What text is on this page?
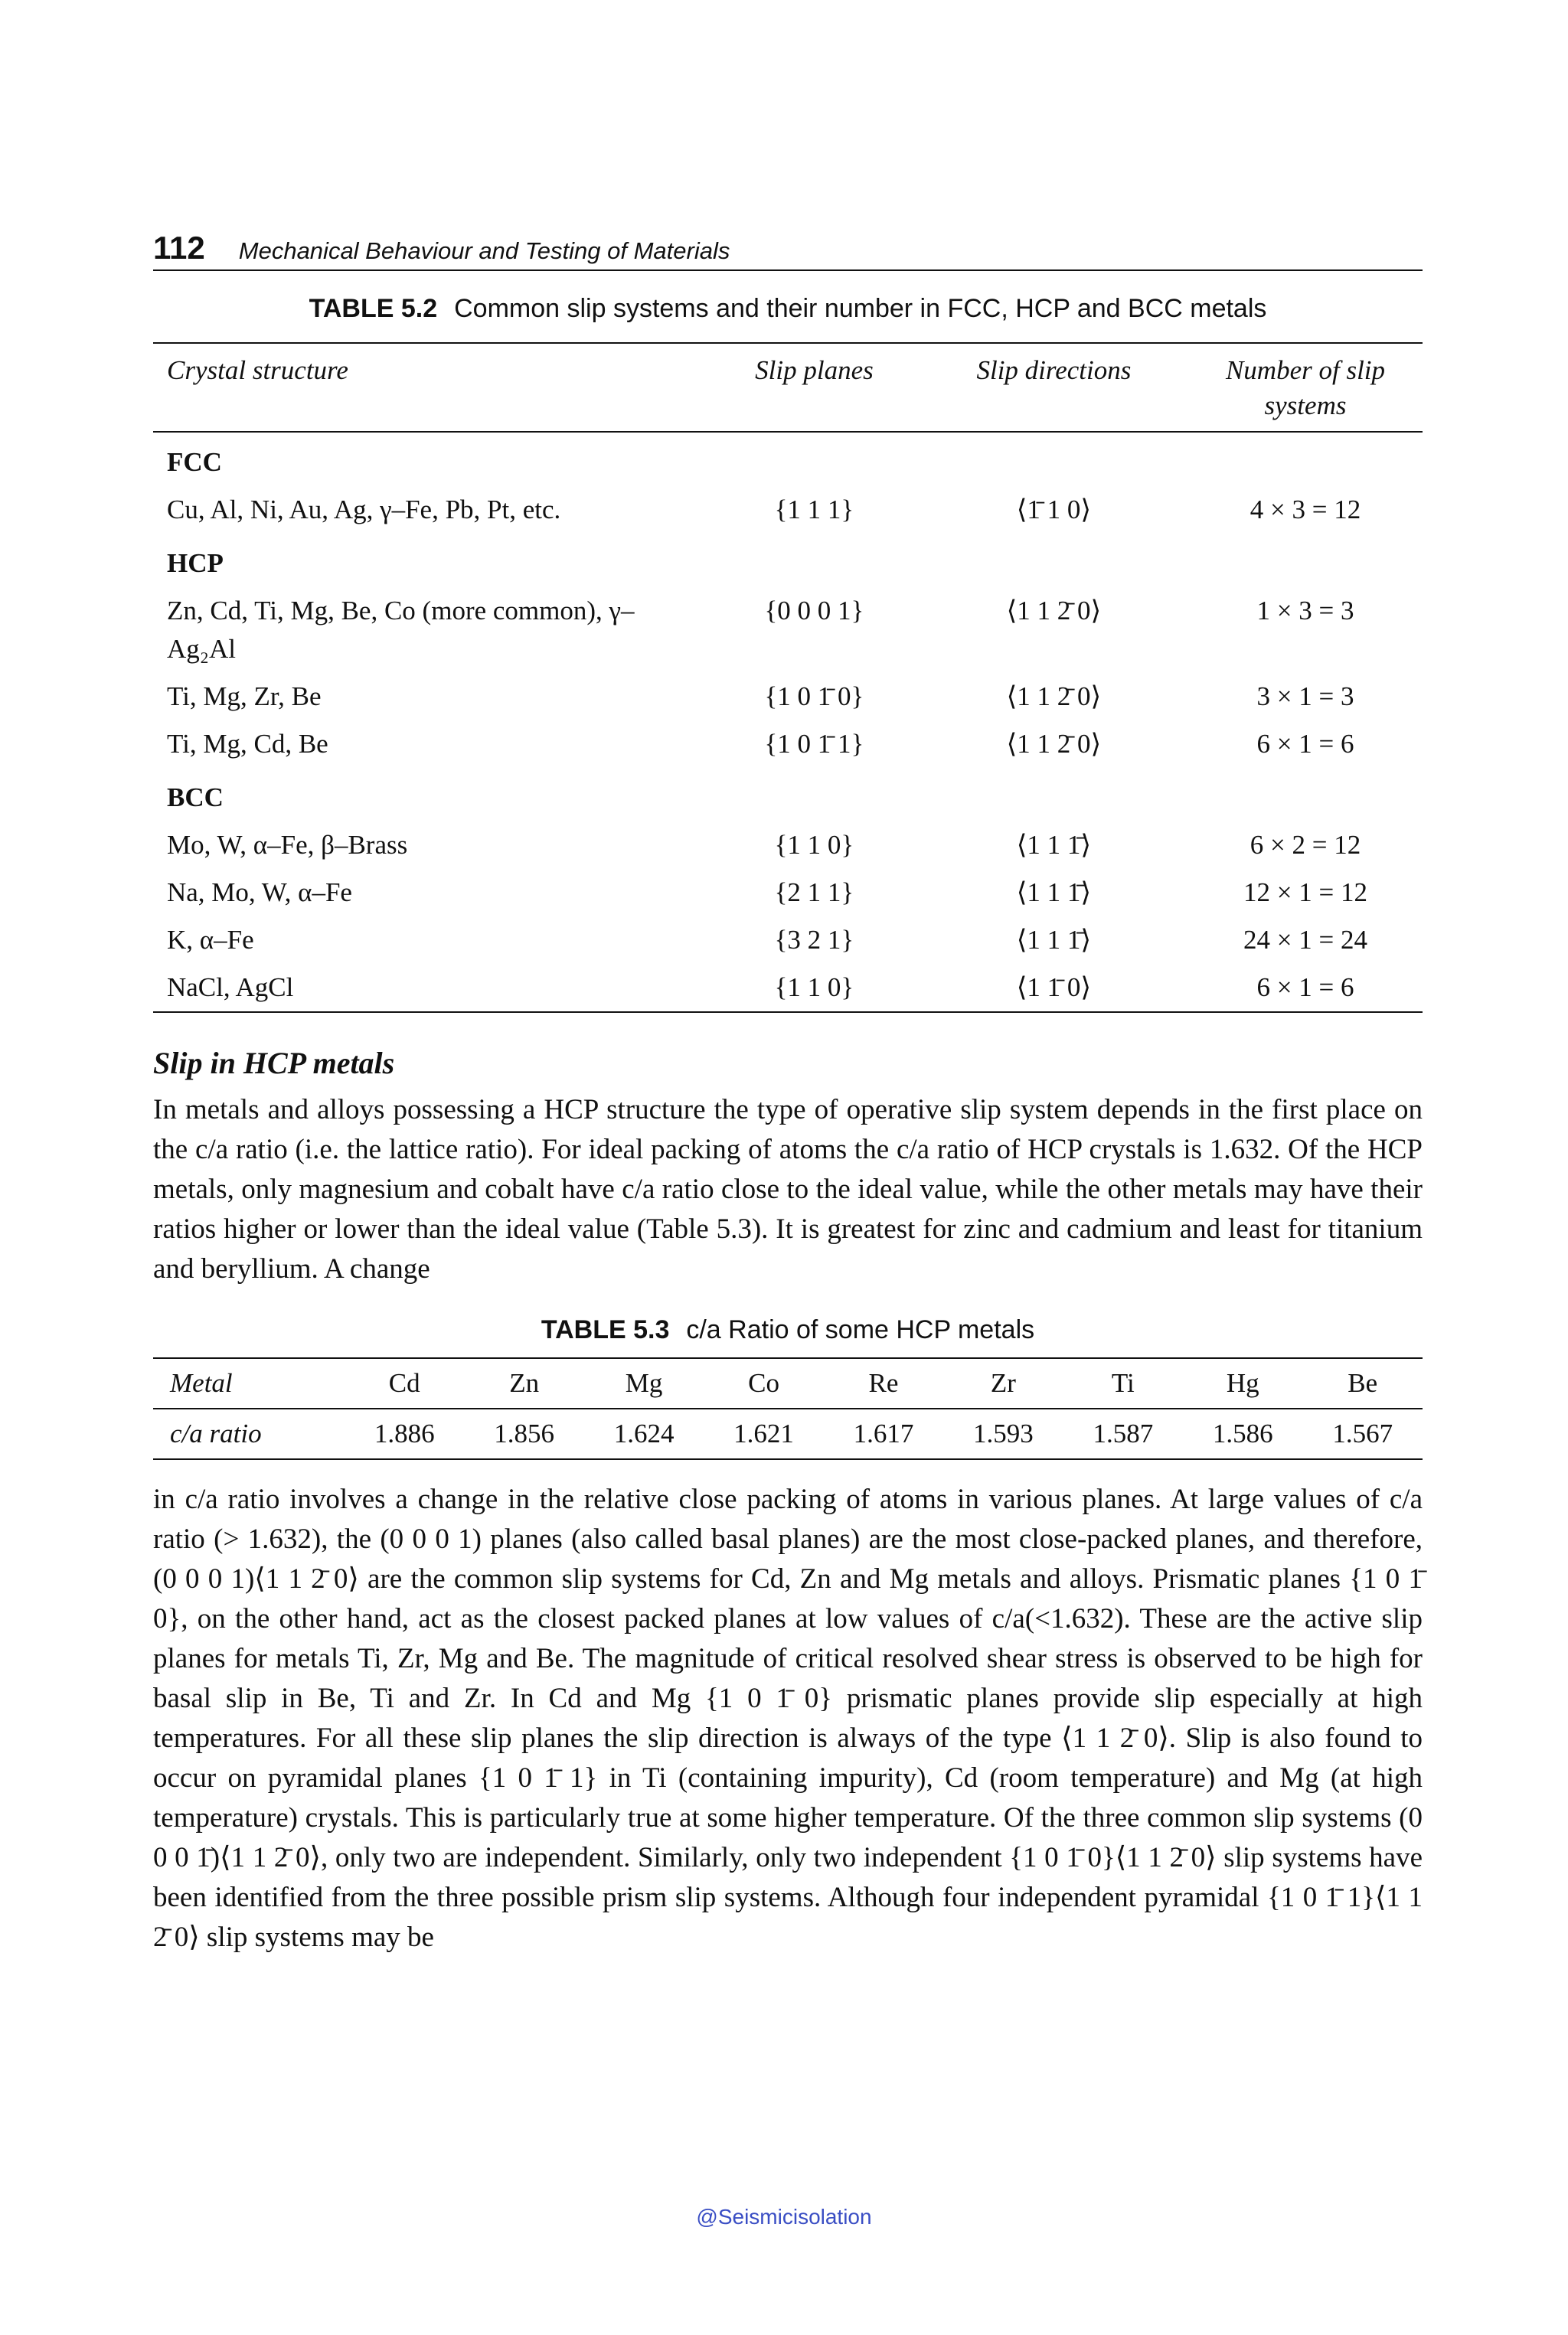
112 Mechanical Behaviour and Testing of Materials
TABLE 5.2 Common slip systems and their number in FCC, HCP and BCC metals
Crystal structure	Slip planes	Slip directions	Number of slip systems
FCC			
Cu, Al, Ni, Au, Ag, γ–Fe, Pb, Pt, etc.	{1 1 1}	⟨1̄ 1 0⟩	4 × 3 = 12
HCP			
Zn, Cd, Ti, Mg, Be, Co (more common), γ–Ag₂Al	{0 0 0 1}	⟨1 1 2̄ 0⟩	1 × 3 = 3
Ti, Mg, Zr, Be	{1 0 1̄ 0}	⟨1 1 2̄ 0⟩	3 × 1 = 3
Ti, Mg, Cd, Be	{1 0 1̄ 1}	⟨1 1 2̄ 0⟩	6 × 1 = 6
BCC			
Mo, W, α–Fe, β–Brass	{1 1 0}	⟨1 1 1̄⟩	6 × 2 = 12
Na, Mo, W, α–Fe	{2 1 1}	⟨1 1 1̄⟩	12 × 1 = 12
K, α–Fe	{3 2 1}	⟨1 1 1̄⟩	24 × 1 = 24
NaCl, AgCl	{1 1 0}	⟨1 1̄ 0⟩	6 × 1 = 6
Slip in HCP metals

In metals and alloys possessing a HCP structure the type of operative slip system depends in the first place on the c/a ratio (i.e. the lattice ratio). For ideal packing of atoms the c/a ratio of HCP crystals is 1.632. Of the HCP metals, only magnesium and cobalt have c/a ratio close to the ideal value, while the other metals may have their ratios higher or lower than the ideal value (Table 5.3). It is greatest for zinc and cadmium and least for titanium and beryllium. A change

TABLE 5.3 c/a Ratio of some HCP metals
Metal	Cd	Zn	Mg	Co	Re	Zr	Ti	Hg	Be
c/a ratio	1.886	1.856	1.624	1.621	1.617	1.593	1.587	1.586	1.567

in c/a ratio involves a change in the relative close packing of atoms in various planes. At large values of c/a ratio (> 1.632), the (0 0 0 1) planes (also called basal planes) are the most close-packed planes, and therefore, (0 0 0 1)⟨1 1 2̄ 0⟩ are the common slip systems for Cd, Zn and Mg metals and alloys. Prismatic planes {1 0 1̄ 0}, on the other hand, act as the closest packed planes at low values of c/a(<1.632). These are the active slip planes for metals Ti, Zr, Mg and Be. The magnitude of critical resolved shear stress is observed to be high for basal slip in Be, Ti and Zr. In Cd and Mg {1 0 1̄ 0} prismatic planes provide slip especially at high temperatures. For all these slip planes the slip direction is always of the type ⟨1 1 2̄ 0⟩. Slip is also found to occur on pyramidal planes {1 0 1̄ 1} in Ti (containing impurity), Cd (room temperature) and Mg (at high temperature) crystals. This is particularly true at some higher temperature. Of the three common slip systems (0 0 0 1̄)⟨1 1 2̄ 0⟩, only two are independent. Similarly, only two independent {1 0 1̄ 0}⟨1 1 2̄ 0⟩ slip systems have been identified from the three possible prism slip systems. Although four independent pyramidal {1 0 1̄ 1}⟨1 1 2̄ 0⟩ slip systems may be

@Seismicisolation
